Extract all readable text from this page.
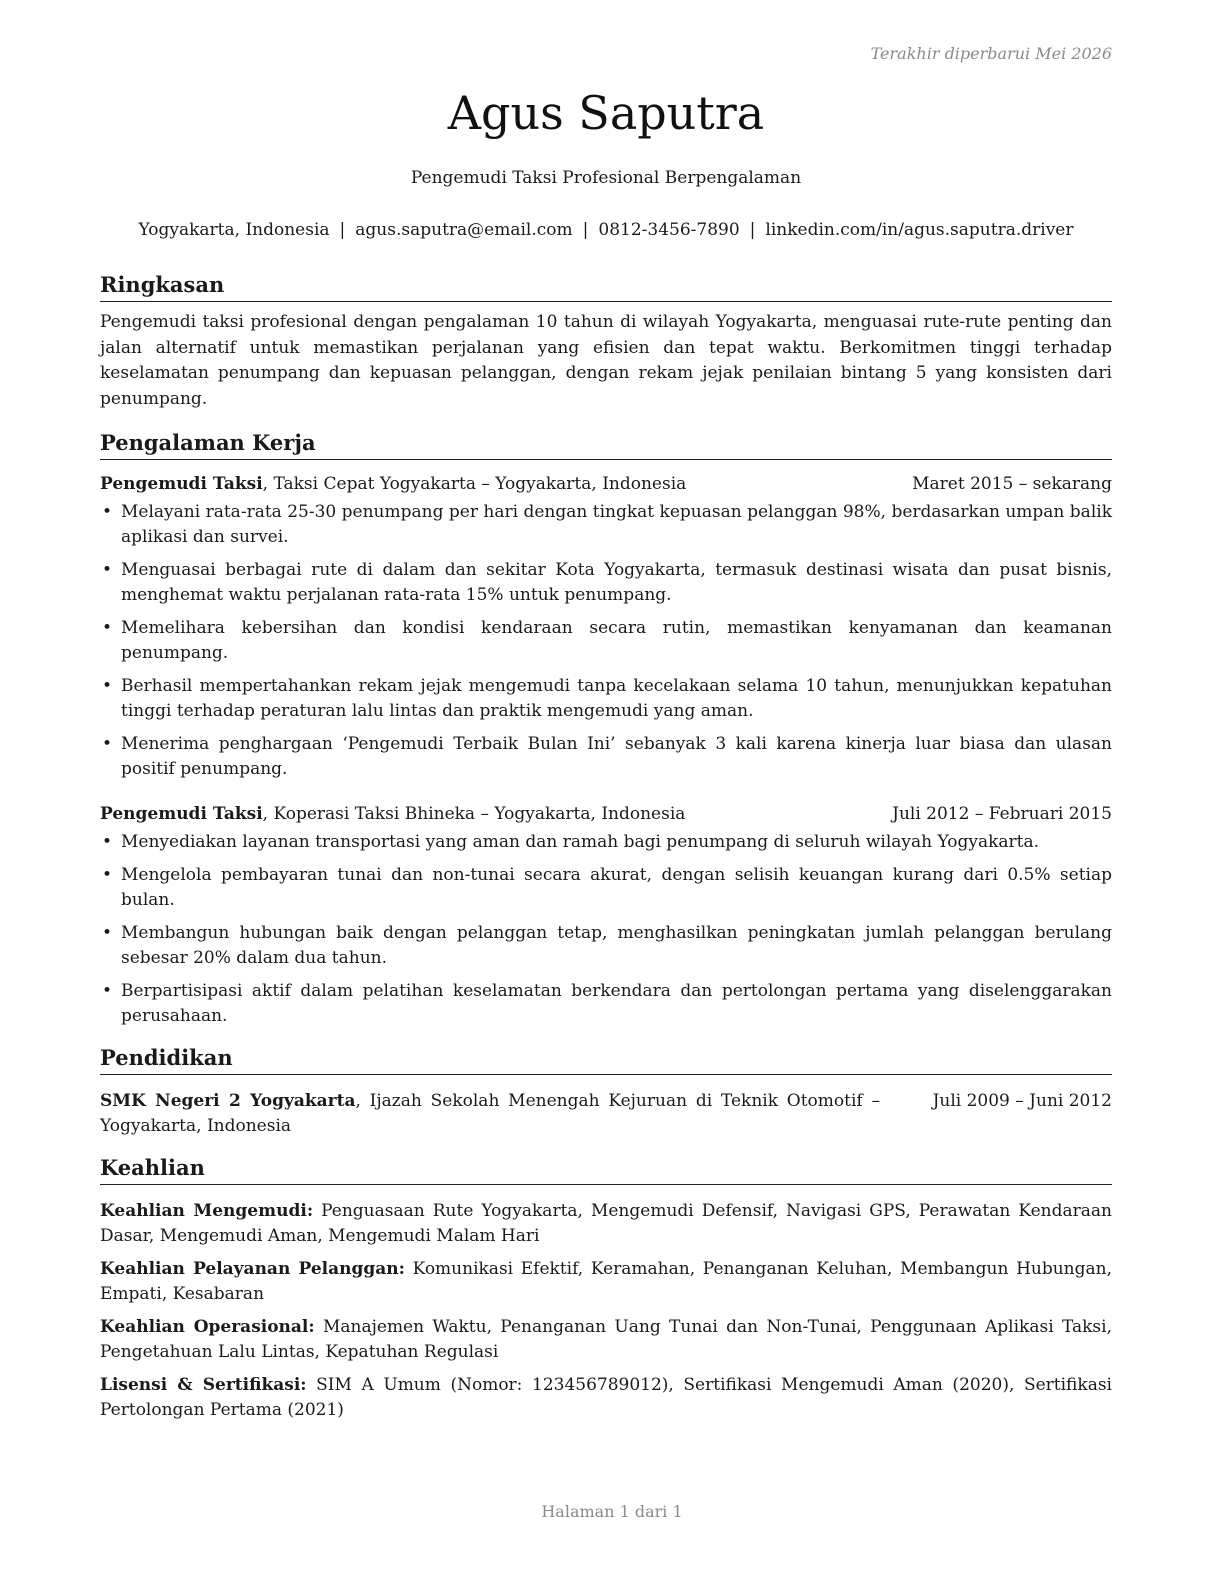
Terakhir diperbarui Mei 2026
Agus Saputra
Pengemudi Taksi Profesional Berpengalaman
Yogyakarta, Indonesia | agus.saputra@email.com | 0812-3456-7890 | linkedin.com/in/agus.saputra.driver
Ringkasan

Pengemudi taksi profesional dengan pengalaman 10 tahun di wilayah Yogyakarta, menguasai rute-rute penting dan jalan alternatif untuk memastikan perjalanan yang efisien dan tepat waktu. Berkomitmen tinggi terhadap keselamatan penumpang dan kepuasan pelanggan, dengan rekam jejak penilaian bintang 5 yang konsisten dari penumpang.

Pengalaman Kerja
Pengemudi Taksi, Taksi Cepat Yogyakarta – Yogyakarta, Indonesia	Maret 2015 – sekarang
• Melayani rata-rata 25-30 penumpang per hari dengan tingkat kepuasan pelanggan 98%, berdasarkan umpan balik aplikasi dan survei.
• Menguasai berbagai rute di dalam dan sekitar Kota Yogyakarta, termasuk destinasi wisata dan pusat bisnis, menghemat waktu perjalanan rata-rata 15% untuk penumpang.
• Memelihara kebersihan dan kondisi kendaraan secara rutin, memastikan kenyamanan dan keamanan penumpang.
• Berhasil mempertahankan rekam jejak mengemudi tanpa kecelakaan selama 10 tahun, menunjukkan kepatuhan tinggi terhadap peraturan lalu lintas dan praktik mengemudi yang aman.
• Menerima penghargaan ‘Pengemudi Terbaik Bulan Ini’ sebanyak 3 kali karena kinerja luar biasa dan ulasan positif penumpang.
Pengemudi Taksi, Koperasi Taksi Bhineka – Yogyakarta, Indonesia	Juli 2012 – Februari 2015
• Menyediakan layanan transportasi yang aman dan ramah bagi penumpang di seluruh wilayah Yogyakarta.
• Mengelola pembayaran tunai dan non-tunai secara akurat, dengan selisih keuangan kurang dari 0.5% setiap bulan.
• Membangun hubungan baik dengan pelanggan tetap, menghasilkan peningkatan jumlah pelanggan berulang sebesar 20% dalam dua tahun.
• Berpartisipasi aktif dalam pelatihan keselamatan berkendara dan pertolongan pertama yang diselenggarakan perusahaan.
Pendidikan
SMK Negeri 2 Yogyakarta, Ijazah Sekolah Menengah Kejuruan di Teknik Otomotif – Yogyakarta, Indonesia
Juli 2009 – Juni 2012
Keahlian

Keahlian Mengemudi: Penguasaan Rute Yogyakarta, Mengemudi Defensif, Navigasi GPS, Perawatan Kendaraan Dasar, Mengemudi Aman, Mengemudi Malam Hari

Keahlian Pelayanan Pelanggan: Komunikasi Efektif, Keramahan, Penanganan Keluhan, Membangun Hubungan, Empati, Kesabaran

Keahlian Operasional: Manajemen Waktu, Penanganan Uang Tunai dan Non-Tunai, Penggunaan Aplikasi Taksi, Pengetahuan Lalu Lintas, Kepatuhan Regulasi

Lisensi & Sertifikasi: SIM A Umum (Nomor: 123456789012), Sertifikasi Mengemudi Aman (2020), Sertifikasi Pertolongan Pertama (2021)

Halaman 1 dari 1
